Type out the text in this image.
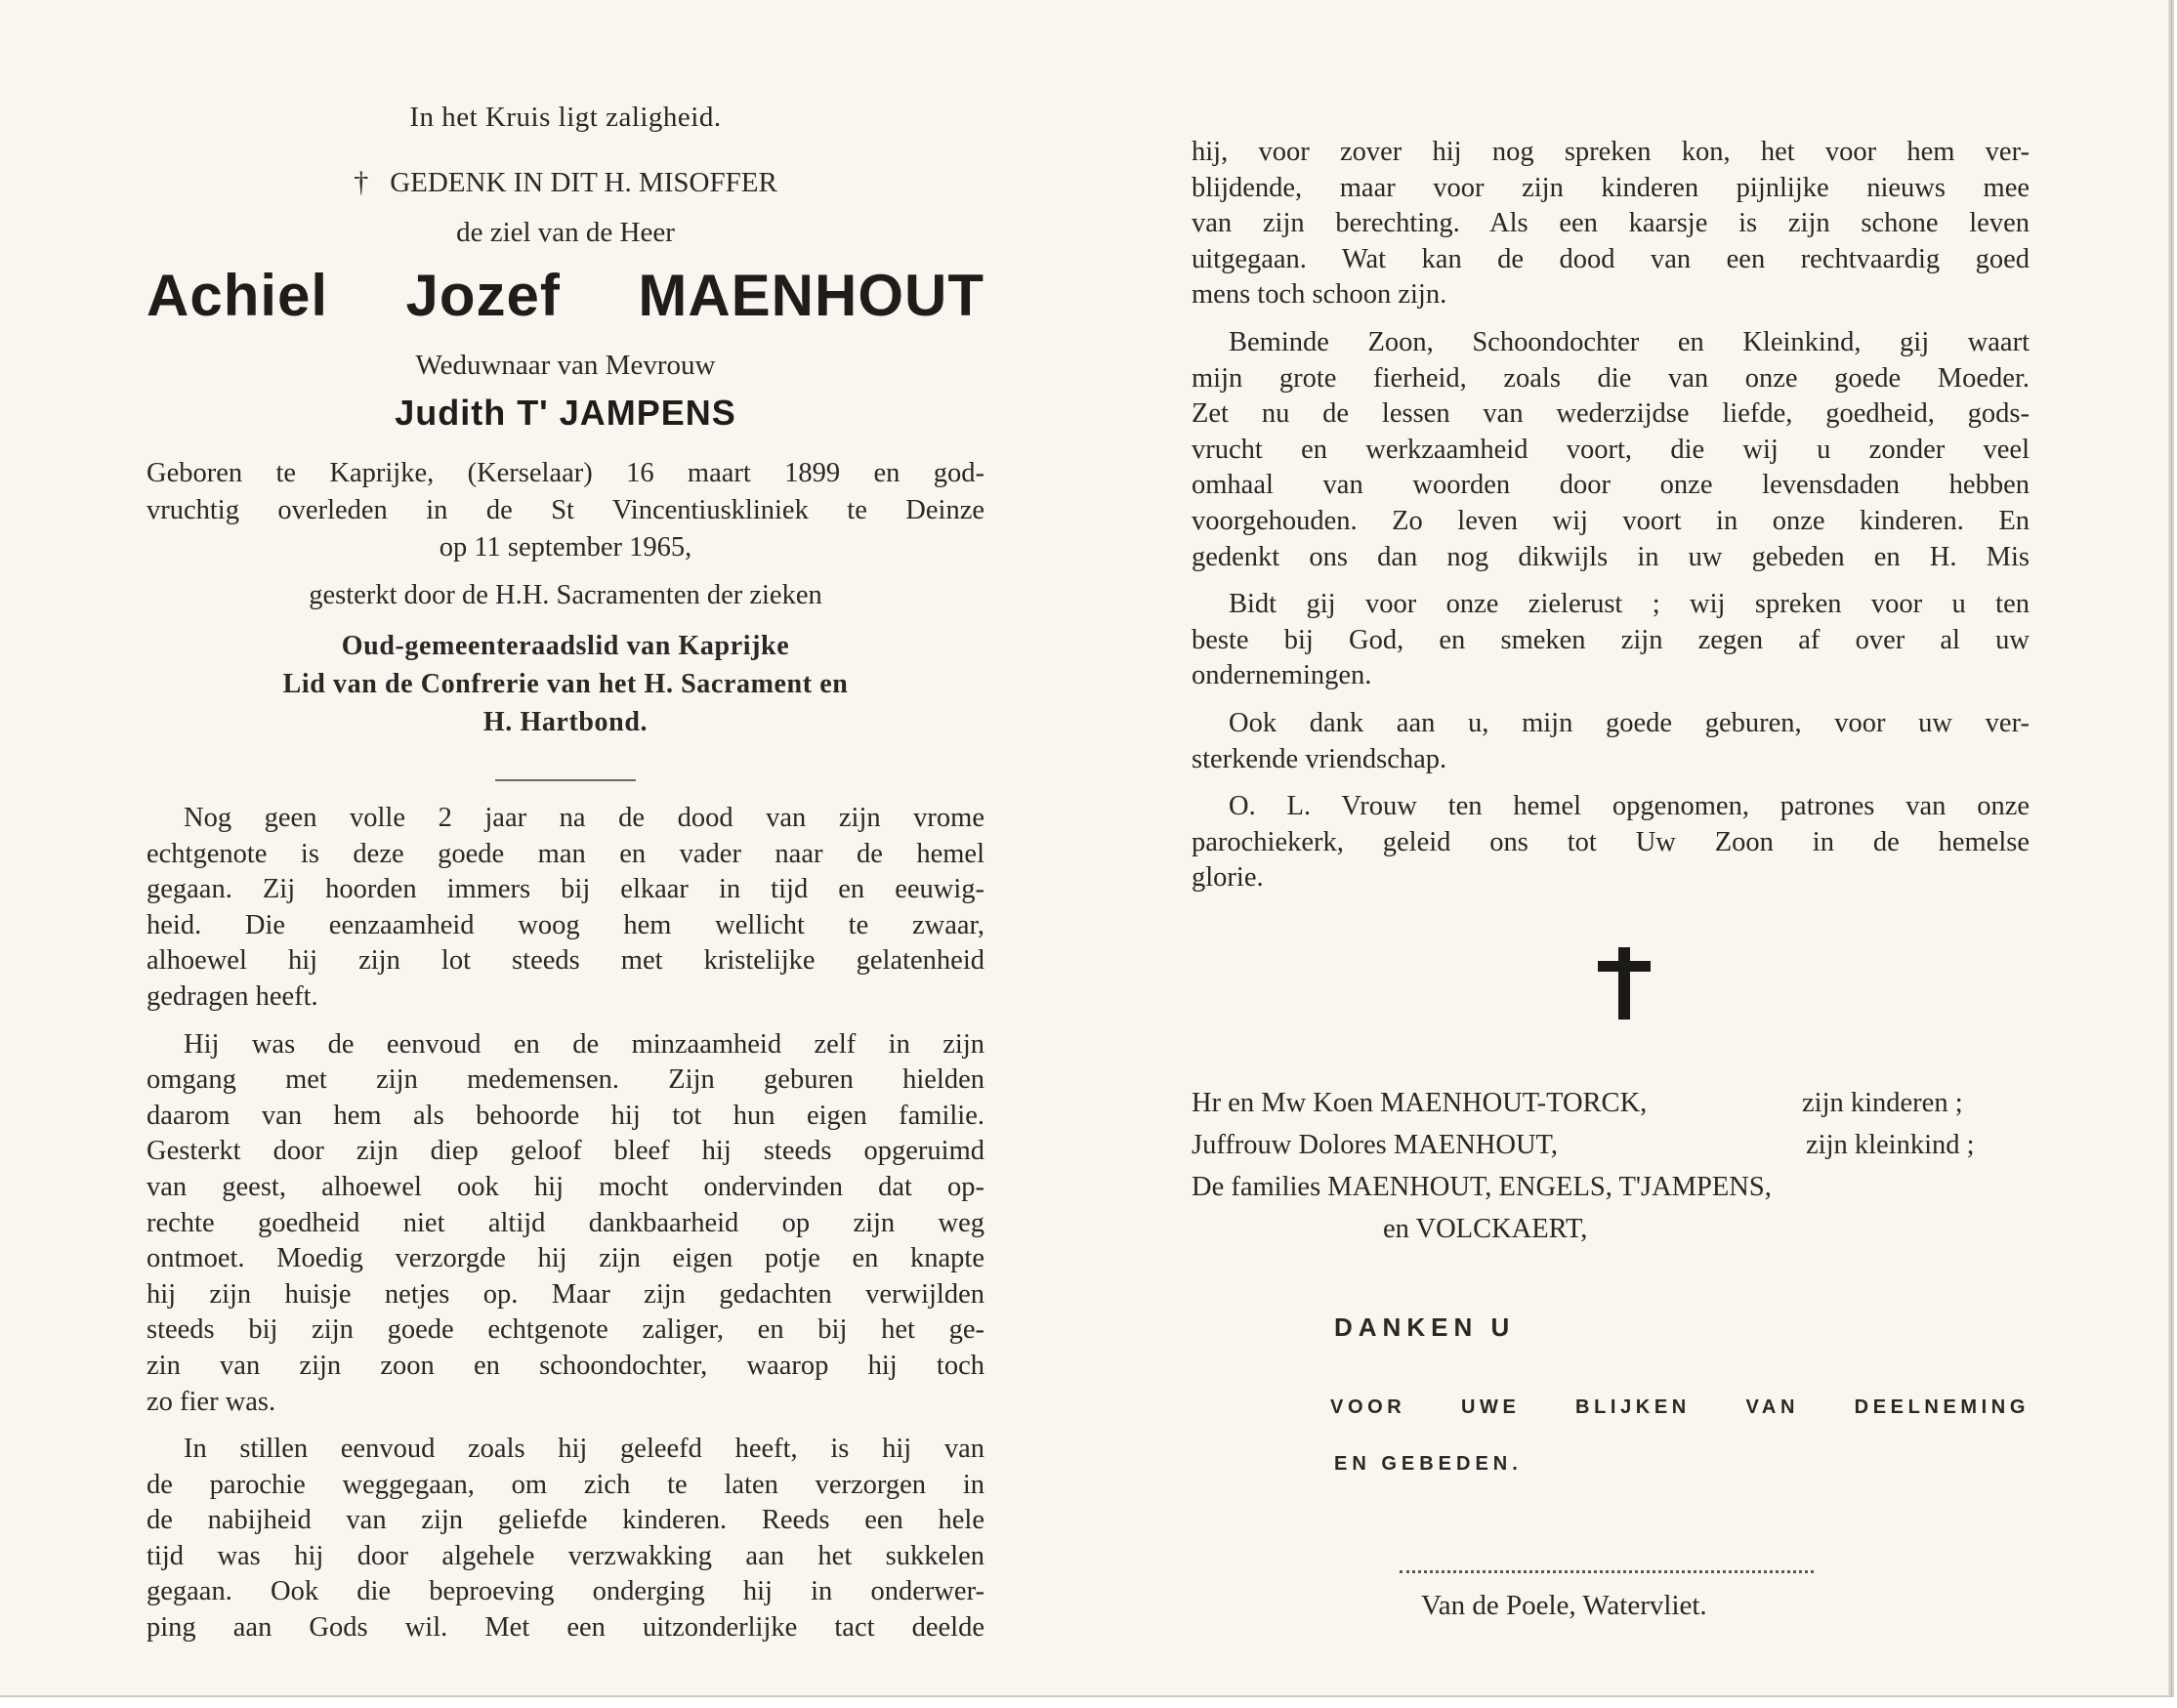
In het Kruis ligt zaligheid.
† GEDENK IN DIT H. MISOFFER
de ziel van de Heer
Achiel Jozef MAENHOUT
Weduwnaar van Mevrouw
Judith T' JAMPENS
Geboren te Kaprijke, (Kerselaar) 16 maart 1899 en god-
vruchtig overleden in de St Vincentiuskliniek te Deinze
op 11 september 1965,
gesterkt door de H.H. Sacramenten der zieken
Oud-gemeenteraadslid van Kaprijke
Lid van de Confrerie van het H. Sacrament en
H. Hartbond.

Nog geen volle 2 jaar na de dood van zijn vrome
echtgenote is deze goede man en vader naar de hemel
gegaan. Zij hoorden immers bij elkaar in tijd en eeuwig-
heid. Die eenzaamheid woog hem wellicht te zwaar,
alhoewel hij zijn lot steeds met kristelijke gelatenheid
gedragen heeft.

Hij was de eenvoud en de minzaamheid zelf in zijn
omgang met zijn medemensen. Zijn geburen hielden
daarom van hem als behoorde hij tot hun eigen familie.
Gesterkt door zijn diep geloof bleef hij steeds opgeruimd
van geest, alhoewel ook hij mocht ondervinden dat op-
rechte goedheid niet altijd dankbaarheid op zijn weg
ontmoet. Moedig verzorgde hij zijn eigen potje en knapte
hij zijn huisje netjes op. Maar zijn gedachten verwijlden
steeds bij zijn goede echtgenote zaliger, en bij het ge-
zin van zijn zoon en schoondochter, waarop hij toch
zo fier was.

In stillen eenvoud zoals hij geleefd heeft, is hij van
de parochie weggegaan, om zich te laten verzorgen in
de nabijheid van zijn geliefde kinderen. Reeds een hele
tijd was hij door algehele verzwakking aan het sukkelen
gegaan. Ook die beproeving onderging hij in onderwer-
ping aan Gods wil. Met een uitzonderlijke tact deelde

hij, voor zover hij nog spreken kon, het voor hem ver-
blijdende, maar voor zijn kinderen pijnlijke nieuws mee
van zijn berechting. Als een kaarsje is zijn schone leven
uitgegaan. Wat kan de dood van een rechtvaardig goed
mens toch schoon zijn.

Beminde Zoon, Schoondochter en Kleinkind, gij waart
mijn grote fierheid, zoals die van onze goede Moeder.
Zet nu de lessen van wederzijdse liefde, goedheid, gods-
vrucht en werkzaamheid voort, die wij u zonder veel
omhaal van woorden door onze levensdaden hebben
voorgehouden. Zo leven wij voort in onze kinderen. En
gedenkt ons dan nog dikwijls in uw gebeden en H. Mis

Bidt gij voor onze zielerust ; wij spreken voor u ten
beste bij God, en smeken zijn zegen af over al uw
ondernemingen.

Ook dank aan u, mijn goede geburen, voor uw ver-
sterkende vriendschap.

O. L. Vrouw ten hemel opgenomen, patrones van onze
parochiekerk, geleid ons tot Uw Zoon in de hemelse
glorie.

Hr en Mw Koen MAENHOUT-TORCK,	zijn kinderen ;
Juffrouw Dolores MAENHOUT,	zijn kleinkind ;
De families MAENHOUT, ENGELS, T'JAMPENS,
en VOLCKAERT,
DANKEN U
VOOR	UWE	BLIJKEN	VAN	DEELNEMING
EN GEBEDEN.
Van de Poele, Watervliet.
